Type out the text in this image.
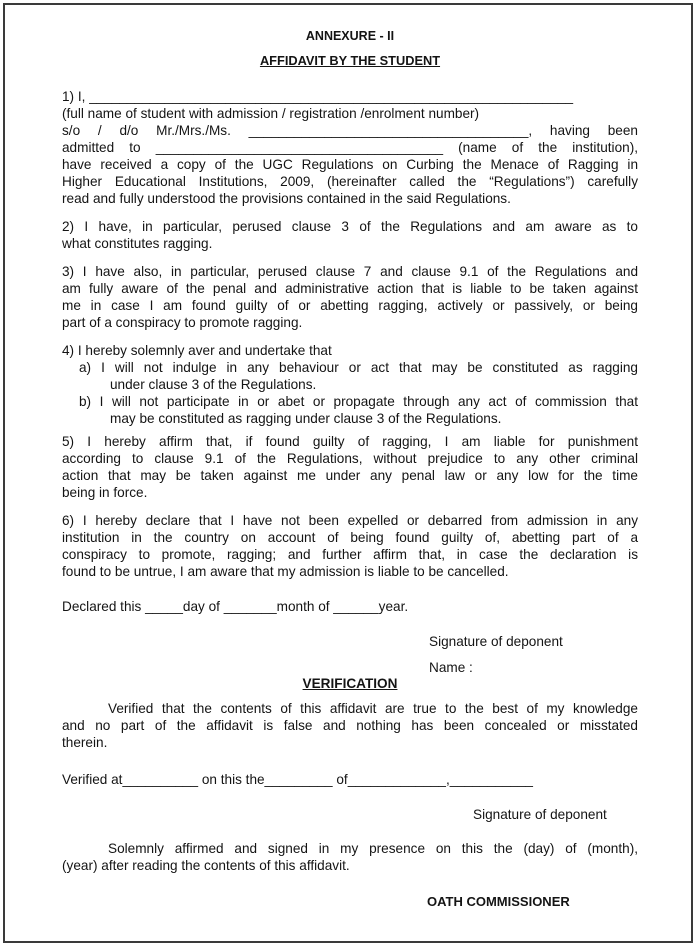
ANNEXURE - II
AFFIDAVIT BY THE STUDENT
1) I, ________________________________________________________________
(full name of student with admission / registration /enrolment number)
s/o / d/o Mr./Mrs./Ms. _____________________________________, having been
admitted to ______________________________________ (name of the institution),
have received a copy of the UGC Regulations on Curbing the Menace of Ragging in
Higher Educational Institutions, 2009, (hereinafter called the “Regulations”) carefully
read and fully understood the provisions contained in the said Regulations.
2) I have, in particular, perused clause 3 of the Regulations and am aware as to
what constitutes ragging.
3) I have also, in particular, perused clause 7 and clause 9.1 of the Regulations and
am fully aware of the penal and administrative action that is liable to be taken against
me in case I am found guilty of or abetting ragging, actively or passively, or being
part of a conspiracy to promote ragging.
4) I hereby solemnly aver and undertake that
a) I will not indulge in any behaviour or act that may be constituted as ragging
under clause 3 of the Regulations.
b) I will not participate in or abet or propagate through any act of commission that
may be constituted as ragging under clause 3 of the Regulations.
5) I hereby affirm that, if found guilty of ragging, I am liable for punishment
according to clause 9.1 of the Regulations, without prejudice to any other criminal
action that may be taken against me under any penal law or any low for the time
being in force.
6) I hereby declare that I have not been expelled or debarred from admission in any
institution in the country on account of being found guilty of, abetting part of a
conspiracy to promote, ragging; and further affirm that, in case the declaration is
found to be untrue, I am aware that my admission is liable to be cancelled.
Declared this _____day of _______month of ______year.
Signature of deponent
Name :
VERIFICATION
Verified that the contents of this affidavit are true to the best of my knowledge
and no part of the affidavit is false and nothing has been concealed or misstated
therein.
Verified at__________ on this the_________ of_____________,___________
Signature of deponent
Solemnly affirmed and signed in my presence on this the (day) of (month),
(year) after reading the contents of this affidavit.
OATH COMMISSIONER
